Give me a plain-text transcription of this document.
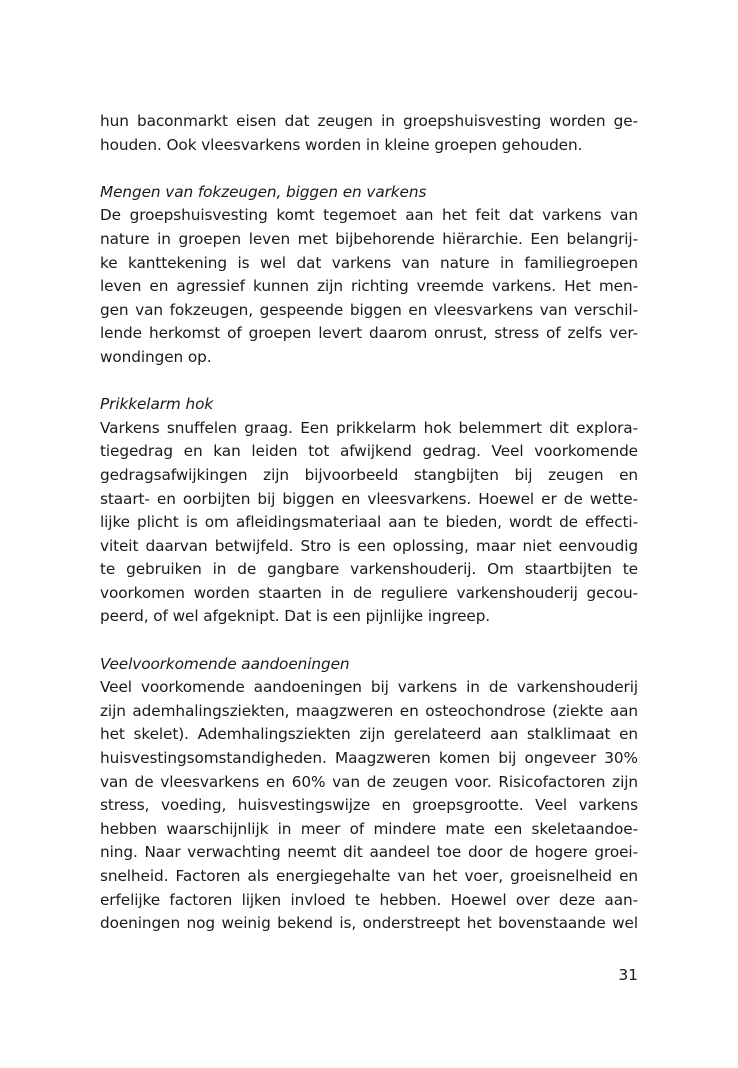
hun baconmarkt eisen dat zeugen in groepshuisvesting worden ge-
houden. Ook vleesvarkens worden in kleine groepen gehouden.
Mengen van fokzeugen, biggen en varkens
De groepshuisvesting komt tegemoet aan het feit dat varkens van
nature in groepen leven met bijbehorende hiërarchie. Een belangrij-
ke kanttekening is wel dat varkens van nature in familiegroepen
leven en agressief kunnen zijn richting vreemde varkens. Het men-
gen van fokzeugen, gespeende biggen en vleesvarkens van verschil-
lende herkomst of groepen levert daarom onrust, stress of zelfs ver-
wondingen op.
Prikkelarm hok
Varkens snuffelen graag. Een prikkelarm hok belemmert dit explora-
tiegedrag en kan leiden tot afwijkend gedrag. Veel voorkomende
gedragsafwijkingen zijn bijvoorbeeld stangbijten bij zeugen en
staart- en oorbijten bij biggen en vleesvarkens. Hoewel er de wette-
lijke plicht is om afleidingsmateriaal aan te bieden, wordt de effecti-
viteit daarvan betwijfeld. Stro is een oplossing, maar niet eenvoudig
te gebruiken in de gangbare varkenshouderij. Om staartbijten te
voorkomen worden staarten in de reguliere varkenshouderij gecou-
peerd, of wel afgeknipt. Dat is een pijnlijke ingreep.
Veelvoorkomende aandoeningen
Veel voorkomende aandoeningen bij varkens in de varkenshouderij
zijn ademhalingsziekten, maagzweren en osteochondrose (ziekte aan
het skelet). Ademhalingsziekten zijn gerelateerd aan stalklimaat en
huisvestingsomstandigheden. Maagzweren komen bij ongeveer 30%
van de vleesvarkens en 60% van de zeugen voor. Risicofactoren zijn
stress, voeding, huisvestingswijze en groepsgrootte. Veel varkens
hebben waarschijnlijk in meer of mindere mate een skeletaandoe-
ning. Naar verwachting neemt dit aandeel toe door de hogere groei-
snelheid. Factoren als energiegehalte van het voer, groeisnelheid en
erfelijke factoren lijken invloed te hebben. Hoewel over deze aan-
doeningen nog weinig bekend is, onderstreept het bovenstaande wel
31
